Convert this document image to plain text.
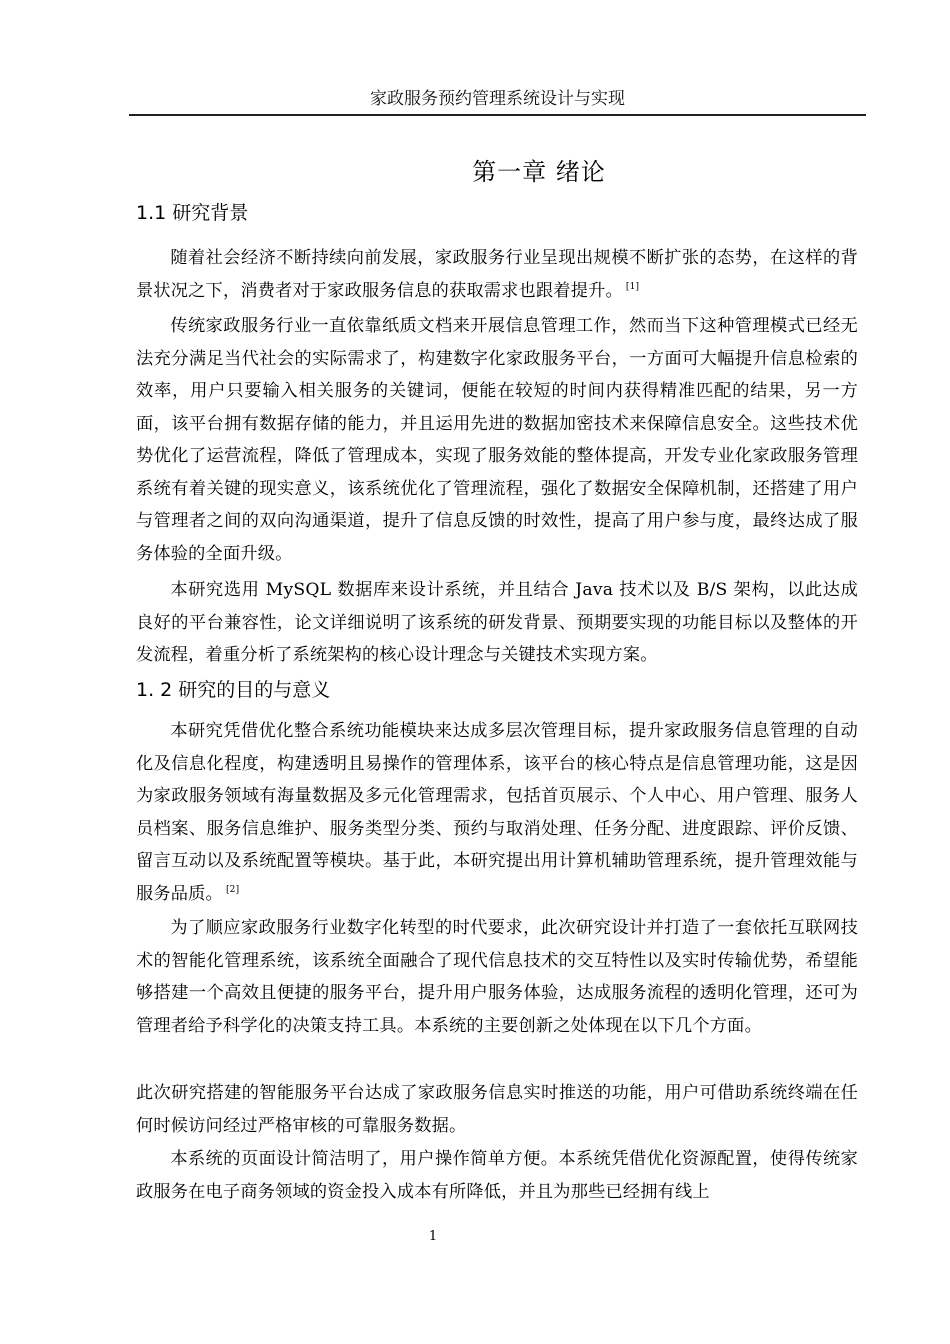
家政服务预约管理系统设计与实现
第一章 绪论
1.1 研究背景

随着社会经济不断持续向前发展，家政服务行业呈现出规模不断扩张的态势，在这样的背景状况之下，消费者对于家政服务信息的获取需求也跟着提升。 [1]

传统家政服务行业一直依靠纸质文档来开展信息管理工作，然而当下这种管理模式已经无法充分满足当代社会的实际需求了，构建数字化家政服务平台，一方面可大幅提升信息检索的效率，用户只要输入相关服务的关键词，便能在较短的时间内获得精准匹配的结果，另一方面，该平台拥有数据存储的能力，并且运用先进的数据加密技术来保障信息安全。这些技术优势优化了运营流程，降低了管理成本，实现了服务效能的整体提高，开发专业化家政服务管理系统有着关键的现实意义，该系统优化了管理流程，强化了数据安全保障机制，还搭建了用户与管理者之间的双向沟通渠道，提升了信息反馈的时效性，提高了用户参与度，最终达成了服务体验的全面升级。

本研究选用 MySQL 数据库来设计系统，并且结合 Java 技术以及 B/S 架构，以此达成良好的平台兼容性，论文详细说明了该系统的研发背景、预期要实现的功能目标以及整体的开发流程，着重分析了系统架构的核心设计理念与关键技术实现方案。

1. 2 研究的目的与意义

本研究凭借优化整合系统功能模块来达成多层次管理目标，提升家政服务信息管理的自动化及信息化程度，构建透明且易操作的管理体系，该平台的核心特点是信息管理功能，这是因为家政服务领域有海量数据及多元化管理需求，包括首页展示、个人中心、用户管理、服务人员档案、服务信息维护、服务类型分类、预约与取消处理、任务分配、进度跟踪、评价反馈、留言互动以及系统配置等模块。基于此，本研究提出用计算机辅助管理系统，提升管理效能与服务品质。 [2]

为了顺应家政服务行业数字化转型的时代要求，此次研究设计并打造了一套依托互联网技术的智能化管理系统，该系统全面融合了现代信息技术的交互特性以及实时传输优势，希望能够搭建一个高效且便捷的服务平台，提升用户服务体验，达成服务流程的透明化管理，还可为管理者给予科学化的决策支持工具。本系统的主要创新之处体现在以下几个方面。

此次研究搭建的智能服务平台达成了家政服务信息实时推送的功能，用户可借助系统终端在任何时候访问经过严格审核的可靠服务数据。

本系统的页面设计简洁明了，用户操作简单方便。本系统凭借优化资源配置，使得传统家政服务在电子商务领域的资金投入成本有所降低，并且为那些已经拥有线上

1
